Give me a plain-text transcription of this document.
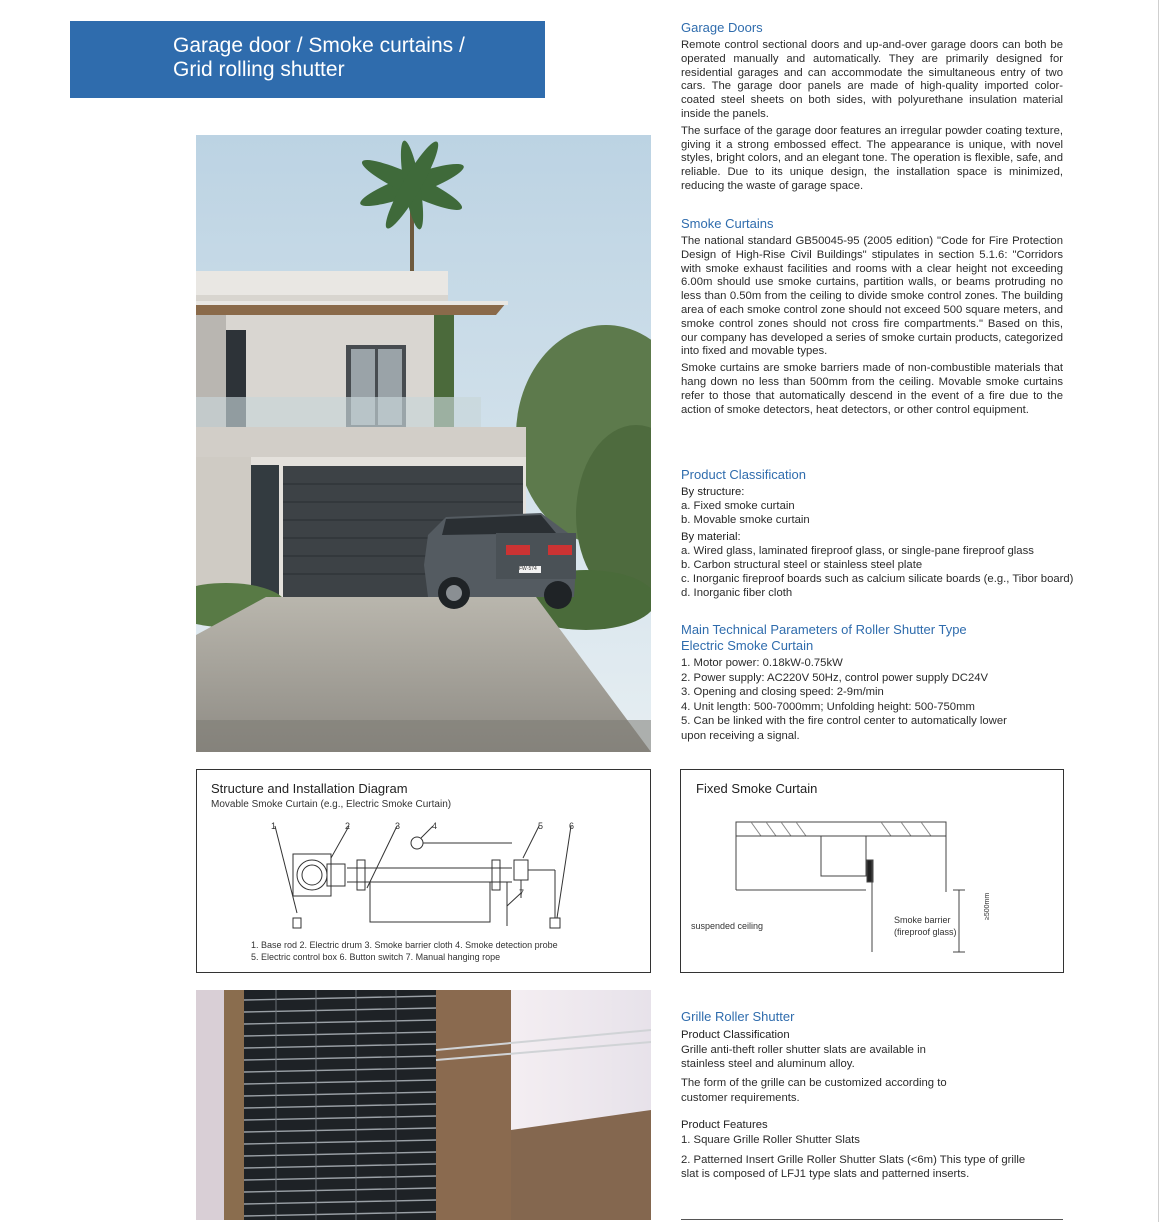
Garage door / Smoke curtains /
Grid rolling shutter
Structure and Installation Diagram
Movable Smoke Curtain (e.g., Electric Smoke Curtain)
1	2	3	4	5	6
7
1. Base rod 2. Electric drum 3. Smoke barrier cloth 4. Smoke detection probe
5. Electric control box 6. Button switch 7. Manual hanging rope
Fixed Smoke Curtain
suspended ceiling
Smoke barrier
(fireproof glass)
≥500mm

Garage Doors

Remote control sectional doors and up-and-over garage doors can both be operated manually and automatically. They are primarily designed for residential garages and can accommodate the simultaneous entry of two cars. The garage door panels are made of high-quality imported color-coated steel sheets on both sides, with polyurethane insulation material inside the panels.

The surface of the garage door features an irregular powder coating texture, giving it a strong embossed effect. The appearance is unique, with novel styles, bright colors, and an elegant tone. The operation is flexible, safe, and reliable. Due to its unique design, the installation space is minimized, reducing the waste of garage space.

Smoke Curtains

The national standard GB50045-95 (2005 edition) "Code for Fire Protection Design of High-Rise Civil Buildings" stipulates in section 5.1.6: "Corridors with smoke exhaust facilities and rooms with a clear height not exceeding 6.00m should use smoke curtains, partition walls, or beams protruding no less than 0.50m from the ceiling to divide smoke control zones. The building area of each smoke control zone should not exceed 500 square meters, and smoke control zones should not cross fire compartments." Based on this, our company has developed a series of smoke curtain products, categorized into fixed and movable types.

Smoke curtains are smoke barriers made of non-combustible materials that hang down no less than 500mm from the ceiling. Movable smoke curtains refer to those that automatically descend in the event of a fire due to the action of smoke detectors, heat detectors, or other control equipment.

Product Classification

By structure:

a. Fixed smoke curtain

b. Movable smoke curtain

By material:

a. Wired glass, laminated fireproof glass, or single-pane fireproof glass

b. Carbon structural steel or stainless steel plate

c. Inorganic fireproof boards such as calcium silicate boards (e.g., Tibor board)

d. Inorganic fiber cloth

Main Technical Parameters of Roller Shutter Type

Electric Smoke Curtain

1. Motor power: 0.18kW-0.75kW

2. Power supply: AC220V 50Hz, control power supply DC24V

3. Opening and closing speed: 2-9m/min

4. Unit length: 500-7000mm; Unfolding height: 500-750mm

5. Can be linked with the fire control center to automatically lower

upon receiving a signal.

Grille Roller Shutter

Product Classification

Grille anti-theft roller shutter slats are available in

stainless steel and aluminum alloy.

The form of the grille can be customized according to

customer requirements.

Product Features

1. Square Grille Roller Shutter Slats

2. Patterned Insert Grille Roller Shutter Slats (<6m) This type of grille

slat is composed of LFJ1 type slats and patterned inserts.

FW·574
